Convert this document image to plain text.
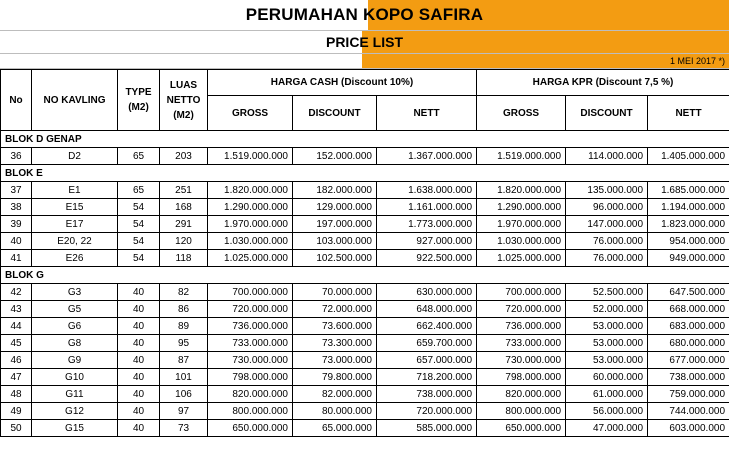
PERUMAHAN
KOPO SAFIRA
PRICE LIST
1 MEI 2017 *)
No	NO KAVLING	TYPE (M2)	LUAS NETTO (M2)	HARGA CASH (Discount 10%)			HARGA KPR (Discount 7,5 %)		
				GROSS	DISCOUNT	NETT	GROSS	DISCOUNT	NETT
BLOK D GENAP									
36	D2	65	203	1.519.000.000	152.000.000	1.367.000.000	1.519.000.000	114.000.000	1.405.000.000
BLOK E									
37	E1	65	251	1.820.000.000	182.000.000	1.638.000.000	1.820.000.000	135.000.000	1.685.000.000
38	E15	54	168	1.290.000.000	129.000.000	1.161.000.000	1.290.000.000	96.000.000	1.194.000.000
39	E17	54	291	1.970.000.000	197.000.000	1.773.000.000	1.970.000.000	147.000.000	1.823.000.000
40	E20, 22	54	120	1.030.000.000	103.000.000	927.000.000	1.030.000.000	76.000.000	954.000.000
41	E26	54	118	1.025.000.000	102.500.000	922.500.000	1.025.000.000	76.000.000	949.000.000
BLOK G									
42	G3	40	82	700.000.000	70.000.000	630.000.000	700.000.000	52.500.000	647.500.000
43	G5	40	86	720.000.000	72.000.000	648.000.000	720.000.000	52.000.000	668.000.000
44	G6	40	89	736.000.000	73.600.000	662.400.000	736.000.000	53.000.000	683.000.000
45	G8	40	95	733.000.000	73.300.000	659.700.000	733.000.000	53.000.000	680.000.000
46	G9	40	87	730.000.000	73.000.000	657.000.000	730.000.000	53.000.000	677.000.000
47	G10	40	101	798.000.000	79.800.000	718.200.000	798.000.000	60.000.000	738.000.000
48	G11	40	106	820.000.000	82.000.000	738.000.000	820.000.000	61.000.000	759.000.000
49	G12	40	97	800.000.000	80.000.000	720.000.000	800.000.000	56.000.000	744.000.000
50	G15	40	73	650.000.000	65.000.000	585.000.000	650.000.000	47.000.000	603.000.000
